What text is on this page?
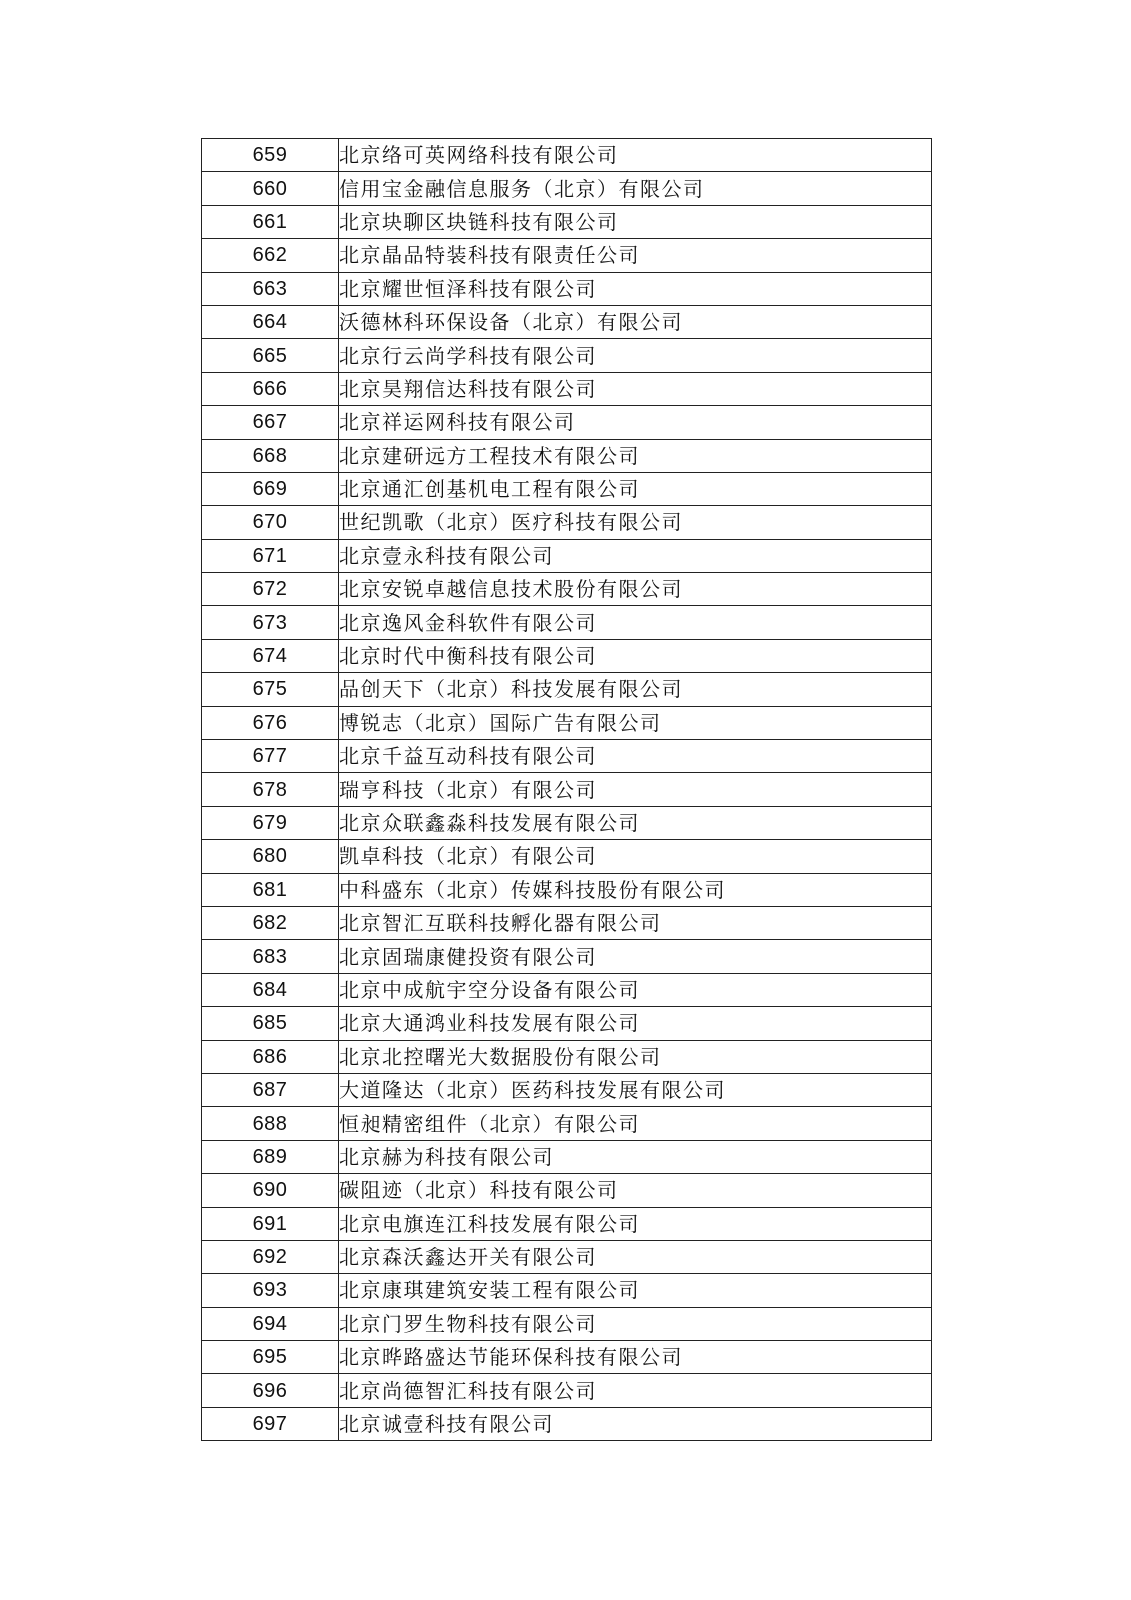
659	北京络可英网络科技有限公司
660	信用宝金融信息服务（北京）有限公司
661	北京块聊区块链科技有限公司
662	北京晶品特装科技有限责任公司
663	北京耀世恒泽科技有限公司
664	沃德林科环保设备（北京）有限公司
665	北京行云尚学科技有限公司
666	北京昊翔信达科技有限公司
667	北京祥运网科技有限公司
668	北京建研远方工程技术有限公司
669	北京通汇创基机电工程有限公司
670	世纪凯歌（北京）医疗科技有限公司
671	北京壹永科技有限公司
672	北京安锐卓越信息技术股份有限公司
673	北京逸风金科软件有限公司
674	北京时代中衡科技有限公司
675	品创天下（北京）科技发展有限公司
676	博锐志（北京）国际广告有限公司
677	北京千益互动科技有限公司
678	瑞亨科技（北京）有限公司
679	北京众联鑫淼科技发展有限公司
680	凯卓科技（北京）有限公司
681	中科盛东（北京）传媒科技股份有限公司
682	北京智汇互联科技孵化器有限公司
683	北京固瑞康健投资有限公司
684	北京中成航宇空分设备有限公司
685	北京大通鸿业科技发展有限公司
686	北京北控曙光大数据股份有限公司
687	大道隆达（北京）医药科技发展有限公司
688	恒昶精密组件（北京）有限公司
689	北京赫为科技有限公司
690	碳阻迹（北京）科技有限公司
691	北京电旗连江科技发展有限公司
692	北京森沃鑫达开关有限公司
693	北京康琪建筑安装工程有限公司
694	北京门罗生物科技有限公司
695	北京晔路盛达节能环保科技有限公司
696	北京尚德智汇科技有限公司
697	北京诚壹科技有限公司
